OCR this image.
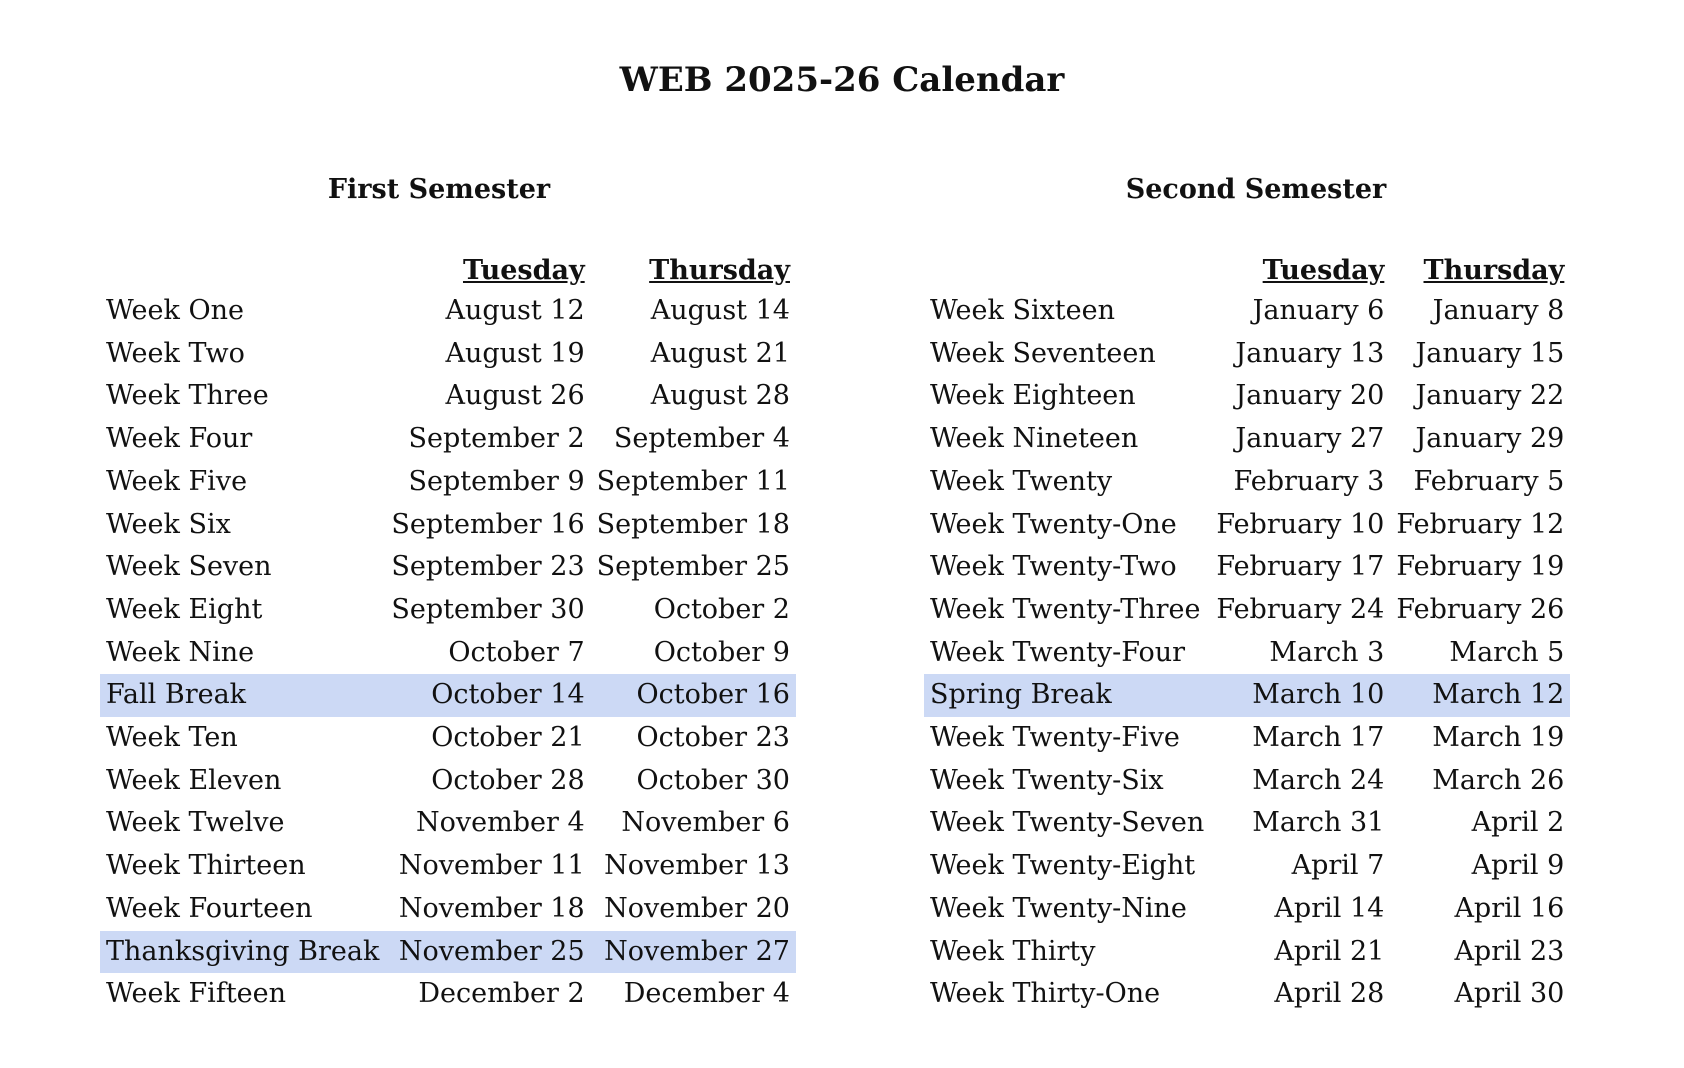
WEB 2025-26 Calendar
First Semester
	Tuesday	Thursday
Week One	August 12	August 14
Week Two	August 19	August 21
Week Three	August 26	August 28
Week Four	September 2	September 4
Week Five	September 9	September 11
Week Six	September 16	September 18
Week Seven	September 23	September 25
Week Eight	September 30	October 2
Week Nine	October 7	October 9
Fall Break	October 14	October 16
Week Ten	October 21	October 23
Week Eleven	October 28	October 30
Week Twelve	November 4	November 6
Week Thirteen	November 11	November 13
Week Fourteen	November 18	November 20
Thanksgiving Break	November 25	November 27
Week Fifteen	December 2	December 4
Second Semester
	Tuesday	Thursday
Week Sixteen	January 6	January 8
Week Seventeen	January 13	January 15
Week Eighteen	January 20	January 22
Week Nineteen	January 27	January 29
Week Twenty	February 3	February 5
Week Twenty-One	February 10	February 12
Week Twenty-Two	February 17	February 19
Week Twenty-Three	February 24	February 26
Week Twenty-Four	March 3	March 5
Spring Break	March 10	March 12
Week Twenty-Five	March 17	March 19
Week Twenty-Six	March 24	March 26
Week Twenty-Seven	March 31	April 2
Week Twenty-Eight	April 7	April 9
Week Twenty-Nine	April 14	April 16
Week Thirty	April 21	April 23
Week Thirty-One	April 28	April 30
